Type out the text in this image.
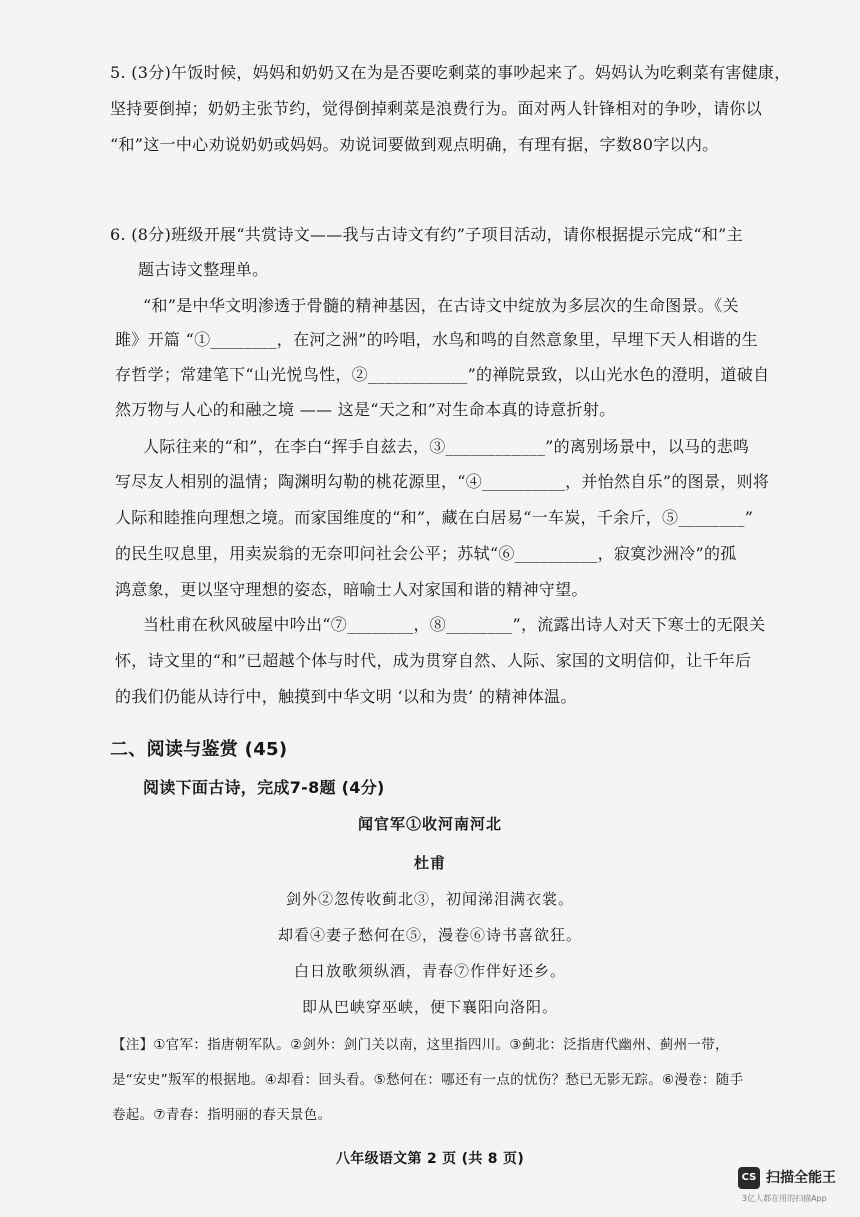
5. (3分)午饭时候，妈妈和奶奶又在为是否要吃剩菜的事吵起来了。妈妈认为吃剩菜有害健康，
坚持要倒掉；奶奶主张节约，觉得倒掉剩菜是浪费行为。面对两人针锋相对的争吵，请你以
“和”这一中心劝说奶奶或妈妈。劝说词要做到观点明确，有理有据，字数80字以内。
6. (8分)班级开展“共赏诗文——我与古诗文有约”子项目活动，请你根据提示完成“和”主
题古诗文整理单。
“和”是中华文明渗透于骨髓的精神基因，在古诗文中绽放为多层次的生命图景。《关
雎》开篇 “①________，在河之洲”的吟唱，水鸟和鸣的自然意象里，早埋下天人相谐的生
存哲学；常建笔下“山光悦鸟性，②____________”的禅院景致，以山光水色的澄明，道破自
然万物与人心的和融之境 —— 这是“天之和”对生命本真的诗意折射。
人际往来的“和”，在李白“挥手自兹去，③____________”的离别场景中，以马的悲鸣
写尽友人相别的温情；陶渊明勾勒的桃花源里，“④__________，并怡然自乐”的图景，则将
人际和睦推向理想之境。而家国维度的“和”，藏在白居易“一车炭，千余斤，⑤________”
的民生叹息里，用卖炭翁的无奈叩问社会公平；苏轼“⑥__________，寂寞沙洲冷”的孤
鸿意象，更以坚守理想的姿态，暗喻士人对家国和谐的精神守望。
当杜甫在秋风破屋中吟出“⑦________，⑧________”，流露出诗人对天下寒士的无限关
怀，诗文里的“和”已超越个体与时代，成为贯穿自然、人际、家国的文明信仰，让千年后
的我们仍能从诗行中，触摸到中华文明 ‘以和为贵’ 的精神体温。
二、阅读与鉴赏 (45)
阅读下面古诗，完成7-8题 (4分)
闻官军①收河南河北
杜甫
剑外②忽传收蓟北③，初闻涕泪满衣裳。
却看④妻子愁何在⑤，漫卷⑥诗书喜欲狂。
白日放歌须纵酒，青春⑦作伴好还乡。
即从巴峡穿巫峡，便下襄阳向洛阳。
【注】①官军：指唐朝军队。②剑外：剑门关以南，这里指四川。③蓟北：泛指唐代幽州、蓟州一带，
是“安史”叛军的根据地。④却看：回头看。⑤愁何在：哪还有一点的忧伤？愁已无影无踪。⑥漫卷：随手
卷起。⑦青春：指明丽的春天景色。
八年级语文第 2 页 (共 8 页)
CS 扫描全能王
3亿人都在用的扫描App
